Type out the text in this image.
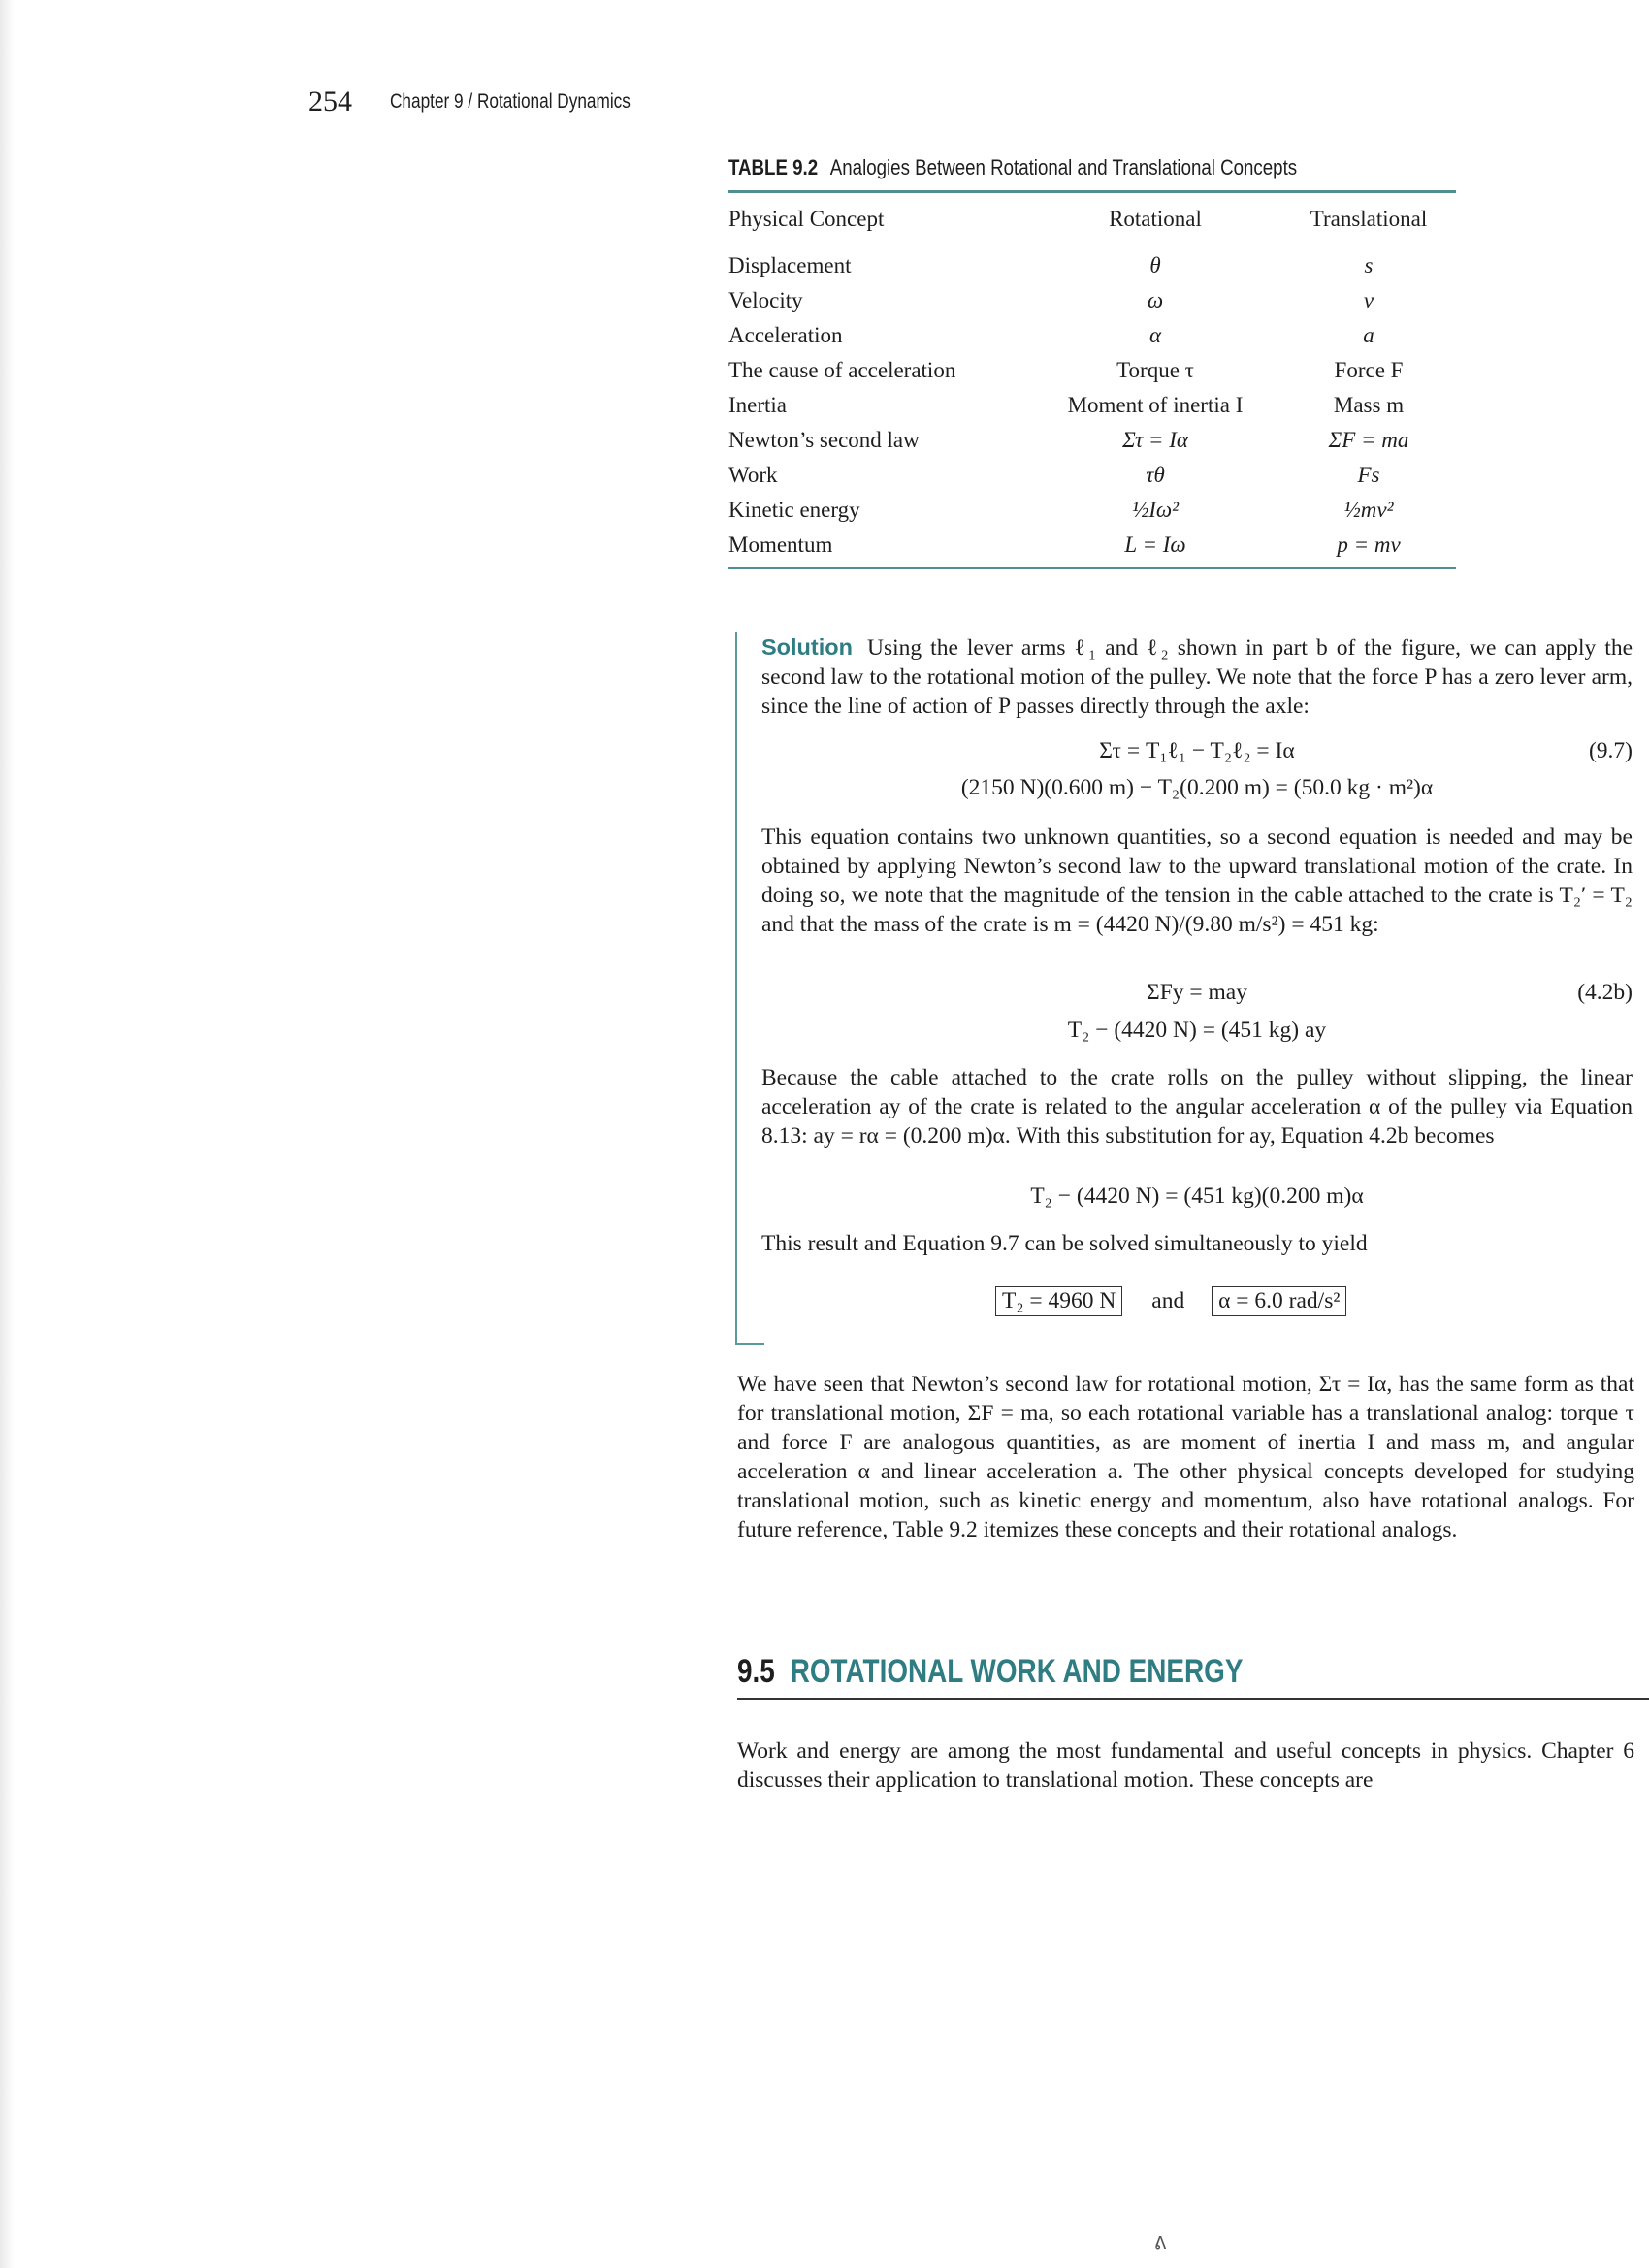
254 Chapter 9 / Rotational Dynamics
TABLE 9.2 Analogies Between Rotational and Translational Concepts
Physical Concept	Rotational	Translational
Displacement	θ	s
Velocity	ω	v
Acceleration	α	a
The cause of acceleration	Torque τ	Force F
Inertia	Moment of inertia I	Mass m
Newton’s second law	Στ = Iα	ΣF = ma
Work	τθ	Fs
Kinetic energy	½Iω²	½mv²
Momentum	L = Iω	p = mv
Solution Using the lever arms ℓ₁ and ℓ₂ shown in part b of the figure, we can apply the second law to the rotational motion of the pulley. We note that the force P has a zero lever arm, since the line of action of P passes directly through the axle:
Στ = T₁ℓ₁ − T₂ℓ₂ = Iα	(9.7)
(2150 N)(0.600 m) − T₂(0.200 m) = (50.0 kg · m²)α
This equation contains two unknown quantities, so a second equation is needed and may be obtained by applying Newton’s second law to the upward translational motion of the crate. In doing so, we note that the magnitude of the tension in the cable attached to the crate is T₂′ = T₂ and that the mass of the crate is m = (4420 N)/(9.80 m/s²) = 451 kg:
ΣFy = may	(4.2b)
T₂ − (4420 N) = (451 kg) ay
Because the cable attached to the crate rolls on the pulley without slipping, the linear acceleration ay of the crate is related to the angular acceleration α of the pulley via Equation 8.13: ay = rα = (0.200 m)α. With this substitution for ay, Equation 4.2b becomes
T₂ − (4420 N) = (451 kg)(0.200 m)α
This result and Equation 9.7 can be solved simultaneously to yield
T₂ = 4960 N and α = 6.0 rad/s²
We have seen that Newton’s second law for rotational motion, Στ = Iα, has the same form as that for translational motion, ΣF = ma, so each rotational variable has a translational analog: torque τ and force F are analogous quantities, as are moment of inertia I and mass m, and angular acceleration α and linear acceleration a. The other physical concepts developed for studying translational motion, such as kinetic energy and momentum, also have rotational analogs. For future reference, Table 9.2 itemizes these concepts and their rotational analogs.
9.5 ROTATIONAL WORK AND ENERGY
Work and energy are among the most fundamental and useful concepts in physics. Chapter 6 discusses their application to translational motion. These concepts are
ᕕ
